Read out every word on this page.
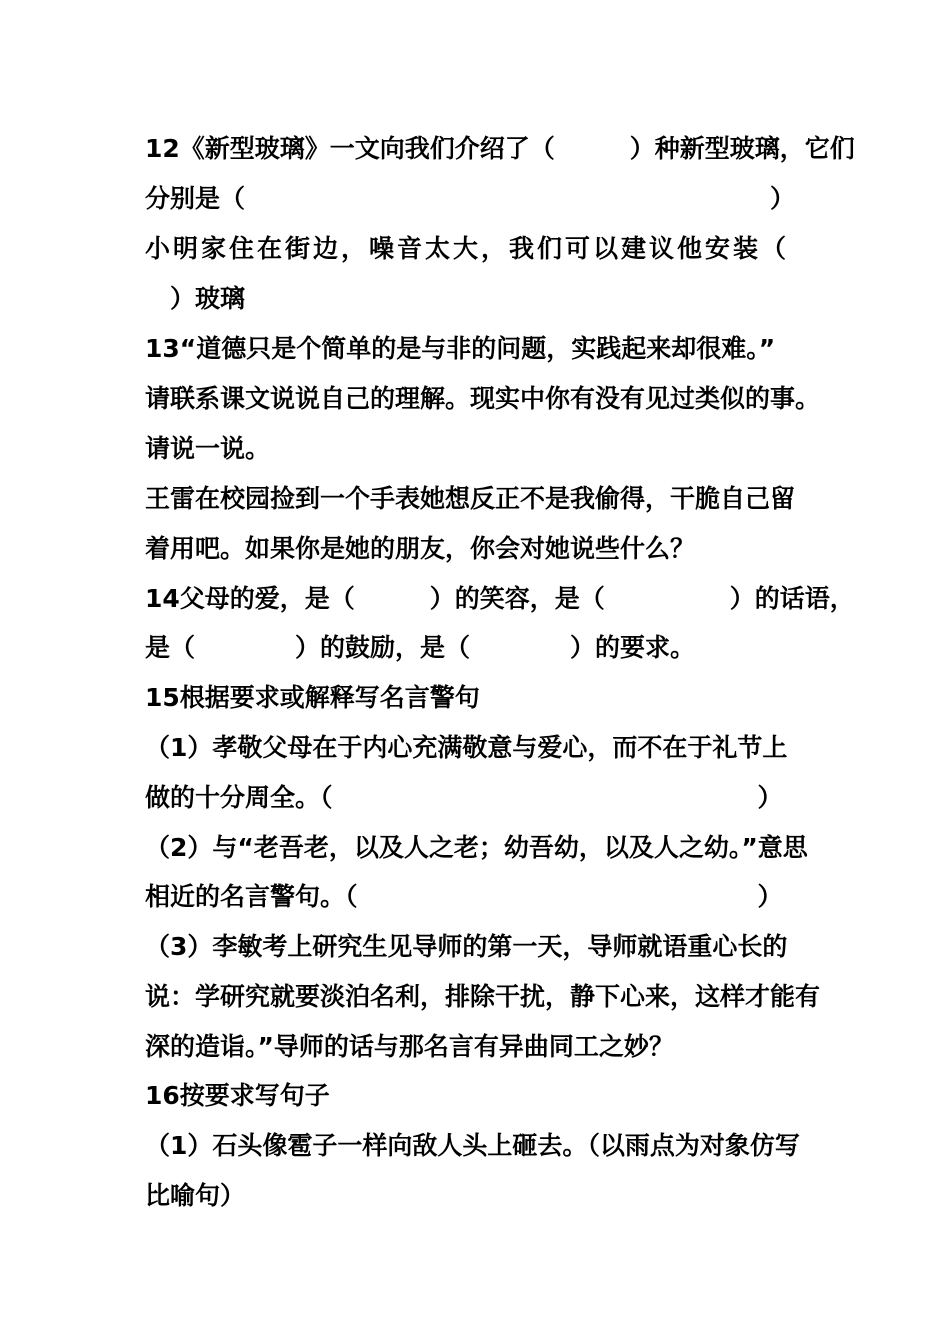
12《新型玻璃》一文向我们介绍了（　　　）种新型玻璃，它们
分别是（　　　　　　　　　　　　　　　　　　　　　）
小明家住在街边，噪音太大，我们可以建议他安装（
　）玻璃
13“道德只是个简单的是与非的问题，实践起来却很难。”
请联系课文说说自己的理解。现实中你有没有见过类似的事。
请说一说。
王雷在校园捡到一个手表她想反正不是我偷得，干脆自己留
着用吧。如果你是她的朋友，你会对她说些什么？
14父母的爱，是（　　　）的笑容，是（　　　　　）的话语，
是（　　　　）的鼓励，是（　　　　）的要求。
15根据要求或解释写名言警句
（1）孝敬父母在于内心充满敬意与爱心，而不在于礼节上
做的十分周全。（　　　　　　　　　　　　　　　　　）
（2）与“老吾老，以及人之老；幼吾幼，以及人之幼。”意思
相近的名言警句。（　　　　　　　　　　　　　　　　）
（3）李敏考上研究生见导师的第一天，导师就语重心长的
说：学研究就要淡泊名利，排除干扰，静下心来，这样才能有
深的造诣。”导师的话与那名言有异曲同工之妙？
16按要求写句子
（1）石头像雹子一样向敌人头上砸去。（以雨点为对象仿写
比喻句）
